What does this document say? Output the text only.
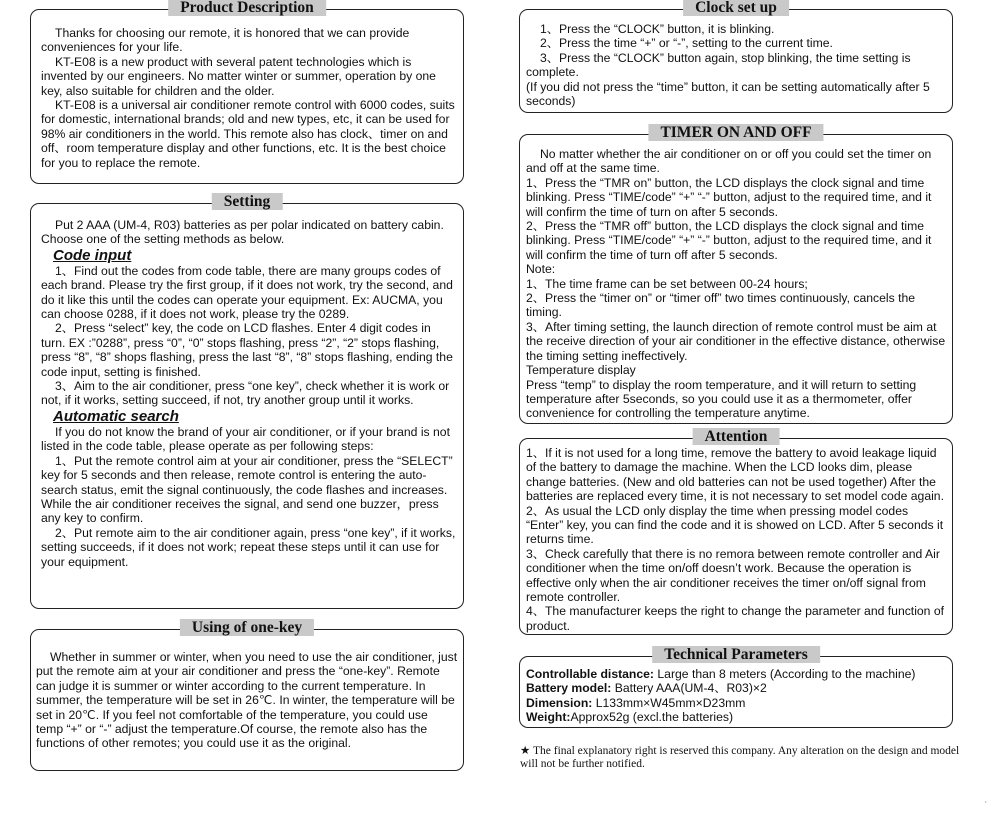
Product Description

Thanks for choosing our remote, it is honored that we can provide conveniences for your life.

KT-E08 is a new product with several patent technologies which is invented by our engineers. No matter winter or summer, operation by one key, also suitable for children and the older.

KT-E08 is a universal air conditioner remote control with 6000 codes, suits for domestic, international brands; old and new types, etc, it can be used for 98% air conditioners in the world. This remote also has clock、timer on and off、room temperature display and other functions, etc. It is the best choice for you to replace the remote.

Setting

Put 2 AAA (UM-4, R03) batteries as per polar indicated on battery cabin. Choose one of the setting methods as below.

Code input

1、Find out the codes from code table, there are many groups codes of each brand. Please try the first group, if it does not work, try the second, and do it like this until the codes can operate your equipment. Ex: AUCMA, you can choose 0288, if it does not work, please try the 0289.

2、Press “select” key, the code on LCD flashes. Enter 4 digit codes in turn. EX :”0288”, press “0”, “0” stops flashing, press “2”, “2” stops flashing, press “8”, “8” shops flashing, press the last “8”, “8” stops flashing, ending the code input, setting is finished.

3、Aim to the air conditioner, press “one key”, check whether it is work or not, if it works, setting succeed, if not, try another group until it works.

Automatic search

If you do not know the brand of your air conditioner, or if your brand is not listed in the code table, please operate as per following steps:

1、Put the remote control aim at your air conditioner, press the “SELECT” key for 5 seconds and then release, remote control is entering the auto-search status, emit the signal continuously, the code flashes and increases. While the air conditioner receives the signal, and send one buzzer，press any key to confirm.

2、Put remote aim to the air conditioner again, press “one key”, if it works, setting succeeds, if it does not work; repeat these steps until it can use for your equipment.

Using of one-key

Whether in summer or winter, when you need to use the air conditioner, just put the remote aim at your air conditioner and press the “one-key”. Remote can judge it is summer or winter according to the current temperature. In summer, the temperature will be set in 26℃. In winter, the temperature will be set in 20℃. If you feel not comfortable of the temperature, you could use temp “+” or “-” adjust the temperature.Of course, the remote also has the functions of other remotes; you could use it as the original.

Clock set up

1、Press the “CLOCK” button, it is blinking.

2、Press the time “+” or “-”, setting to the current time.

3、Press the “CLOCK” button again, stop blinking, the time setting is complete.

(If you did not press the “time” button, it can be setting automatically after 5 seconds)

TIMER ON AND OFF

No matter whether the air conditioner on or off you could set the timer on and off at the same time.

1、Press the “TMR on” button, the LCD displays the clock signal and time blinking. Press “TIME/code” “+” “-” button, adjust to the required time, and it will confirm the time of turn on after 5 seconds.

2、Press the “TMR off” button, the LCD displays the clock signal and time blinking. Press “TIME/code” “+” “-” button, adjust to the required time, and it will confirm the time of turn off after 5 seconds.

Note:

1、The time frame can be set between 00-24 hours;

2、Press the “timer on” or “timer off” two times continuously, cancels the timing.

3、After timing setting, the launch direction of remote control must be aim at the receive direction of your air conditioner in the effective distance, otherwise the timing setting ineffectively.

Temperature display

Press “temp” to display the room temperature, and it will return to setting temperature after 5seconds, so you could use it as a thermometer, offer convenience for controlling the temperature anytime.

Attention

1、If it is not used for a long time, remove the battery to avoid leakage liquid of the battery to damage the machine. When the LCD looks dim, please change batteries. (New and old batteries can not be used together) After the batteries are replaced every time, it is not necessary to set model code again.

2、As usual the LCD only display the time when pressing model codes “Enter” key, you can find the code and it is showed on LCD. After 5 seconds it returns time.

3、Check carefully that there is no remora between remote controller and Air conditioner when the time on/off doesn’t work. Because the operation is effective only when the air conditioner receives the timer on/off signal from remote controller.

4、The manufacturer keeps the right to change the parameter and function of product.

Technical Parameters

Controllable distance: Large than 8 meters (According to the machine)

Battery model: Battery AAA(UM-4、R03)×2

Dimension: L133mm×W45mm×D23mm

Weight:Approx52g (excl.the batteries)

★ The final explanatory right is reserved this company. Any alteration on the design and model will not be further notified.
'
